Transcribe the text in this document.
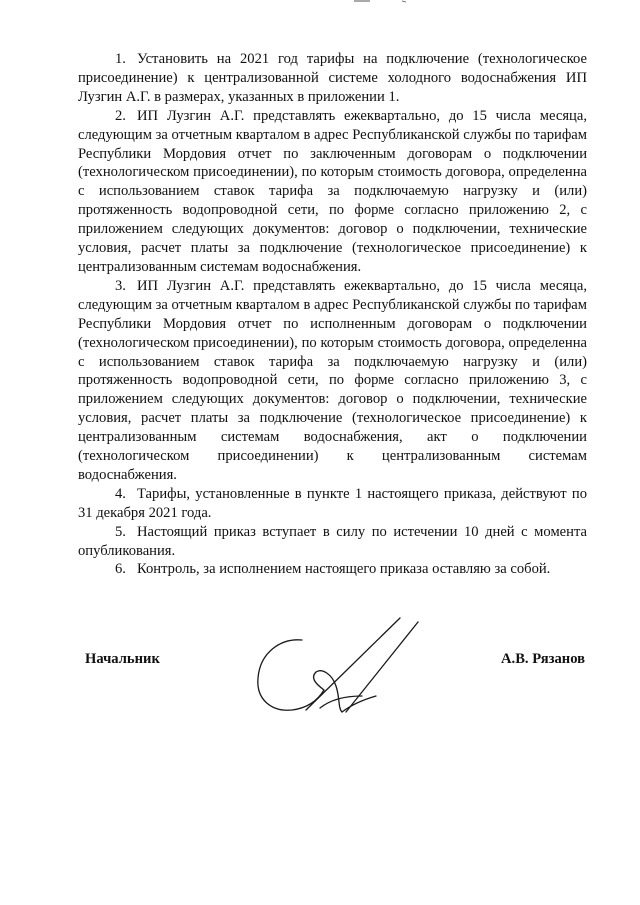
1. Установить на 2021 год тарифы на подключение (технологическое присоединение) к централизованной системе холодного водоснабжения ИП Лузгин А.Г. в размерах, указанных в приложении 1.

2. ИП Лузгин А.Г. представлять ежеквартально, до 15 числа месяца, следующим за отчетным кварталом в адрес Республиканской службы по тарифам Республики Мордовия отчет по заключенным договорам о подключении (технологическом присоединении), по которым стоимость договора, определенна с использованием ставок тарифа за подключаемую нагрузку и (или) протяженность водопроводной сети, по форме согласно приложению 2, с приложением следующих документов: договор о подключении, технические условия, расчет платы за подключение (технологическое присоединение) к централизованным системам водоснабжения.

3. ИП Лузгин А.Г. представлять ежеквартально, до 15 числа месяца, следующим за отчетным кварталом в адрес Республиканской службы по тарифам Республики Мордовия отчет по исполненным договорам о подключении (технологическом присоединении), по которым стоимость договора, определенна с использованием ставок тарифа за подключаемую нагрузку и (или) протяженность водопроводной сети, по форме согласно приложению 3, с приложением следующих документов: договор о подключении, технические условия, расчет платы за подключение (технологическое присоединение) к централизованным системам водоснабжения, акт о подключении (технологическом присоединении) к централизованным системам водоснабжения.

4. Тарифы, установленные в пункте 1 настоящего приказа, действуют по 31 декабря 2021 года.

5. Настоящий приказ вступает в силу по истечении 10 дней с момента опубликования.

6. Контроль, за исполнением настоящего приказа оставляю за собой.

Начальник	А.В. Рязанов
